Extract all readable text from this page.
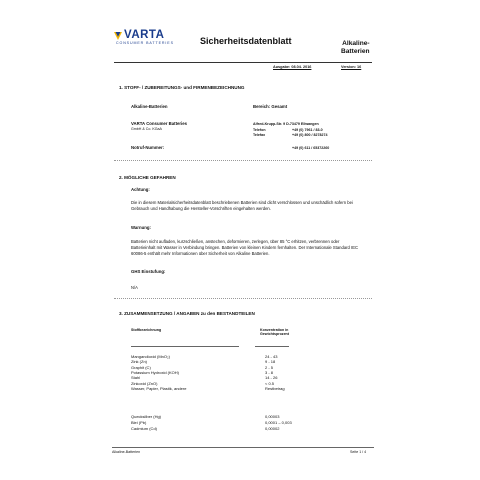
VARTA
CONSUMER BATTERIES	Sicherheitsdatenblatt	Alkaline-
Batterien
Ausgabe: 08.04. 2016	Version: 16
1. STOFF- / ZUBEREITUNGS- und FIRMENBEZEICHNUNG
Alkaline-Batterien	Bereich: Gesamt
VARTA Consumer Batteries
GmbH & Co. KGaA
Alfred-Krupp-Str. 9 D-73479 Ellwangen
Telefon	+49 (0) 7961 / 83-0
Telefax	+49 (0) 800 / 8278274
Notruf-Nummer:	+49 (0) 611 / 65372260
2. MÖGLICHE GEFAHREN
Achtung:
Die in diesem Materialsicherheitsdatenblatt beschriebenen Batterien sind dicht verschlossen und unschädlich sofern bei Gebrauch und Handhabung die Hersteller-Vorschriften eingehalten werden.
Warnung:
Batterien nicht aufladen, kurzschließen, anstechen, deformieren, zerlegen, über 85 °C erhitzen, verbrennen oder Batterieinhalt mit Wasser in Verbindung bringen. Batterien von kleinen Kindern fernhalten. Der Internationale Standard IEC 60086-5 enthält mehr Informationen über Sicherheit von Alkaline Batterien.
GHS Einstufung:
N/A
3. ZUSAMMENSETZUNG / ANGABEN zu den BESTANDTEILEN
Stoffbezeichnung	Konzentration in
Gewichtsprozent
Mangandioxid (MnO₂)	24 - 43
Zink (Zn)	9 - 18
Graphit (C)	2 - 5
Potassium Hydroxid (KOH)	3 - 8
Stahl	14 - 26
Zinkoxid (ZnO)	< 0.5
Wasser, Papier, Plastik, andere	Restbetrag
Quecksilber (Hg)	0,00003
Blei (Pb)	0,0001 – 0,003
Cadmium (Cd)	0,00002
Alkaline-Batterien	Seite 1 / 4
